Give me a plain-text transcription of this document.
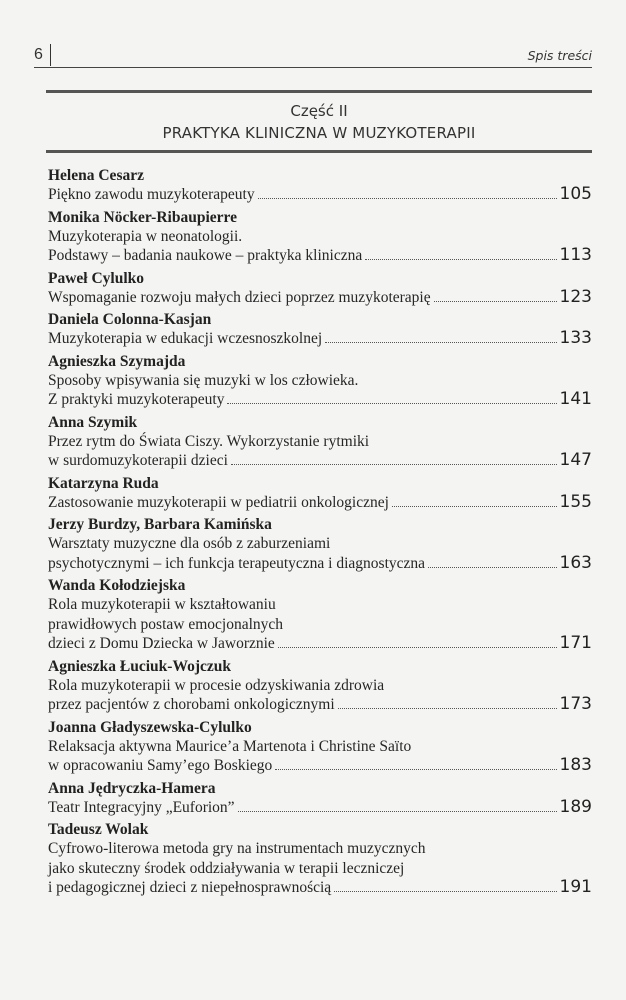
6	Spis treści
Część II
PRAKTYKA KLINICZNA W MUZYKOTERAPII
Helena Cesarz
Piękno zawodu muzykoterapeuty	105
Monika Nöcker-Ribaupierre
Muzykoterapia w neonatologii.
Podstawy – badania naukowe – praktyka kliniczna	113
Paweł Cylulko
Wspomaganie rozwoju małych dzieci poprzez muzykoterapię	123
Daniela Colonna-Kasjan
Muzykoterapia w edukacji wczesnoszkolnej	133
Agnieszka Szymajda
Sposoby wpisywania się muzyki w los człowieka.
Z praktyki muzykoterapeuty	141
Anna Szymik
Przez rytm do Świata Ciszy. Wykorzystanie rytmiki
w surdomuzykoterapii dzieci	147
Katarzyna Ruda
Zastosowanie muzykoterapii w pediatrii onkologicznej	155
Jerzy Burdzy, Barbara Kamińska
Warsztaty muzyczne dla osób z zaburzeniami
psychotycznymi – ich funkcja terapeutyczna i diagnostyczna	163
Wanda Kołodziejska
Rola muzykoterapii w kształtowaniu
prawidłowych postaw emocjonalnych
dzieci z Domu Dziecka w Jaworznie	171
Agnieszka Łuciuk-Wojczuk
Rola muzykoterapii w procesie odzyskiwania zdrowia
przez pacjentów z chorobami onkologicznymi	173
Joanna Gładyszewska-Cylulko
Relaksacja aktywna Maurice’a Martenota i Christine Saïto
w opracowaniu Samy’ego Boskiego	183
Anna Jędryczka-Hamera
Teatr Integracyjny „Euforion”	189
Tadeusz Wolak
Cyfrowo-literowa metoda gry na instrumentach muzycznych
jako skuteczny środek oddziaływania w terapii leczniczej
i pedagogicznej dzieci z niepełnosprawnością	191
